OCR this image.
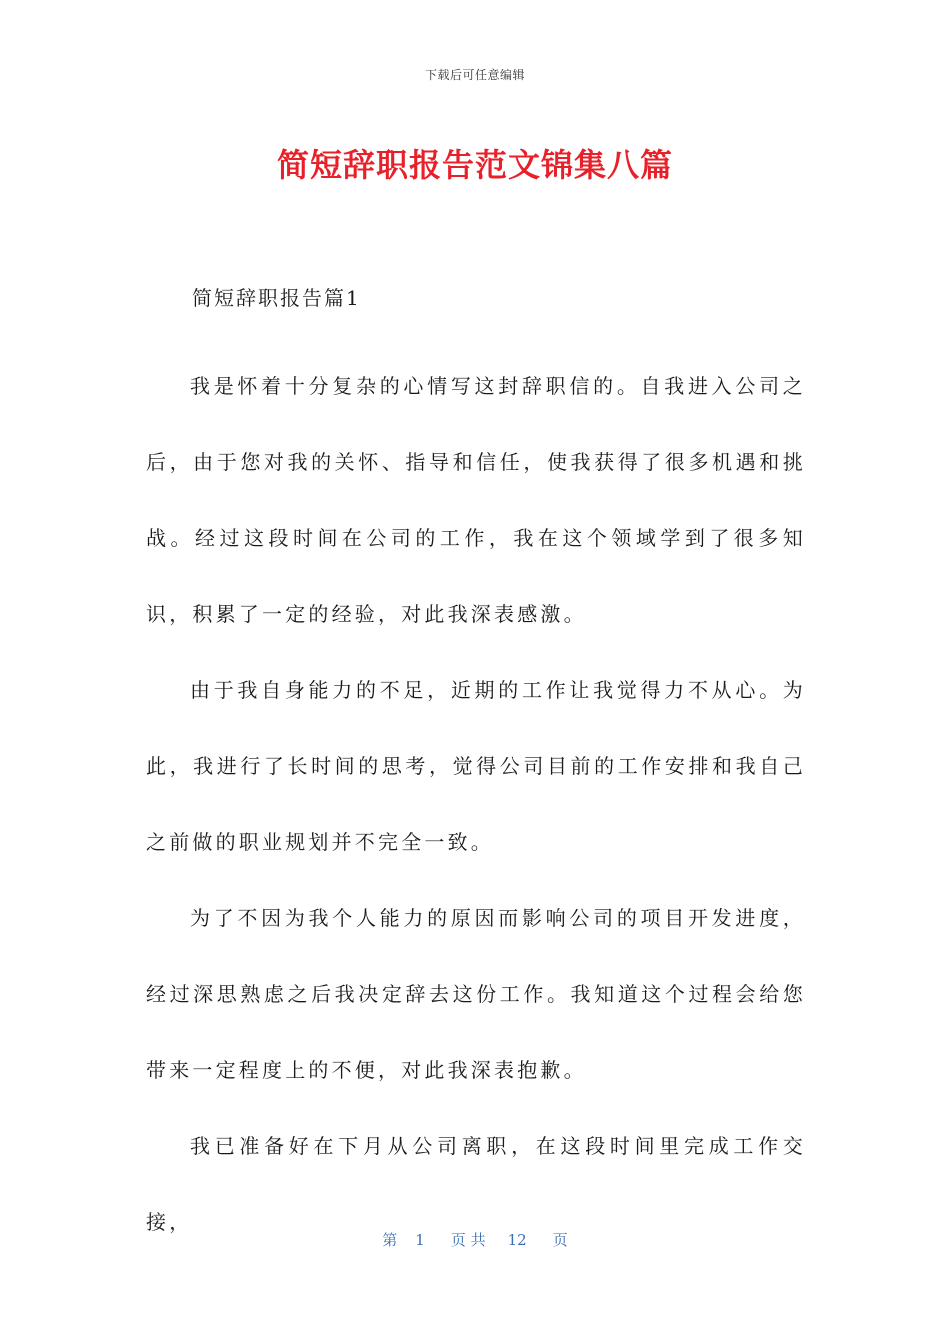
下载后可任意编辑
简短辞职报告范文锦集八篇
简短辞职报告篇1

我是怀着十分复杂的心情写这封辞职信的。自我进入公司之后，由于您对我的关怀、指导和信任，使我获得了很多机遇和挑战。经过这段时间在公司的工作，我在这个领域学到了很多知识，积累了一定的经验，对此我深表感激。

由于我自身能力的不足，近期的工作让我觉得力不从心。为此，我进行了长时间的思考，觉得公司目前的工作安排和我自己之前做的职业规划并不完全一致。

为了不因为我个人能力的原因而影响公司的项目开发进度，经过深思熟虑之后我决定辞去这份工作。我知道这个过程会给您带来一定程度上的不便，对此我深表抱歉。

我已准备好在下月从公司离职，在这段时间里完成工作交接，

第 1 页 共 12 页
